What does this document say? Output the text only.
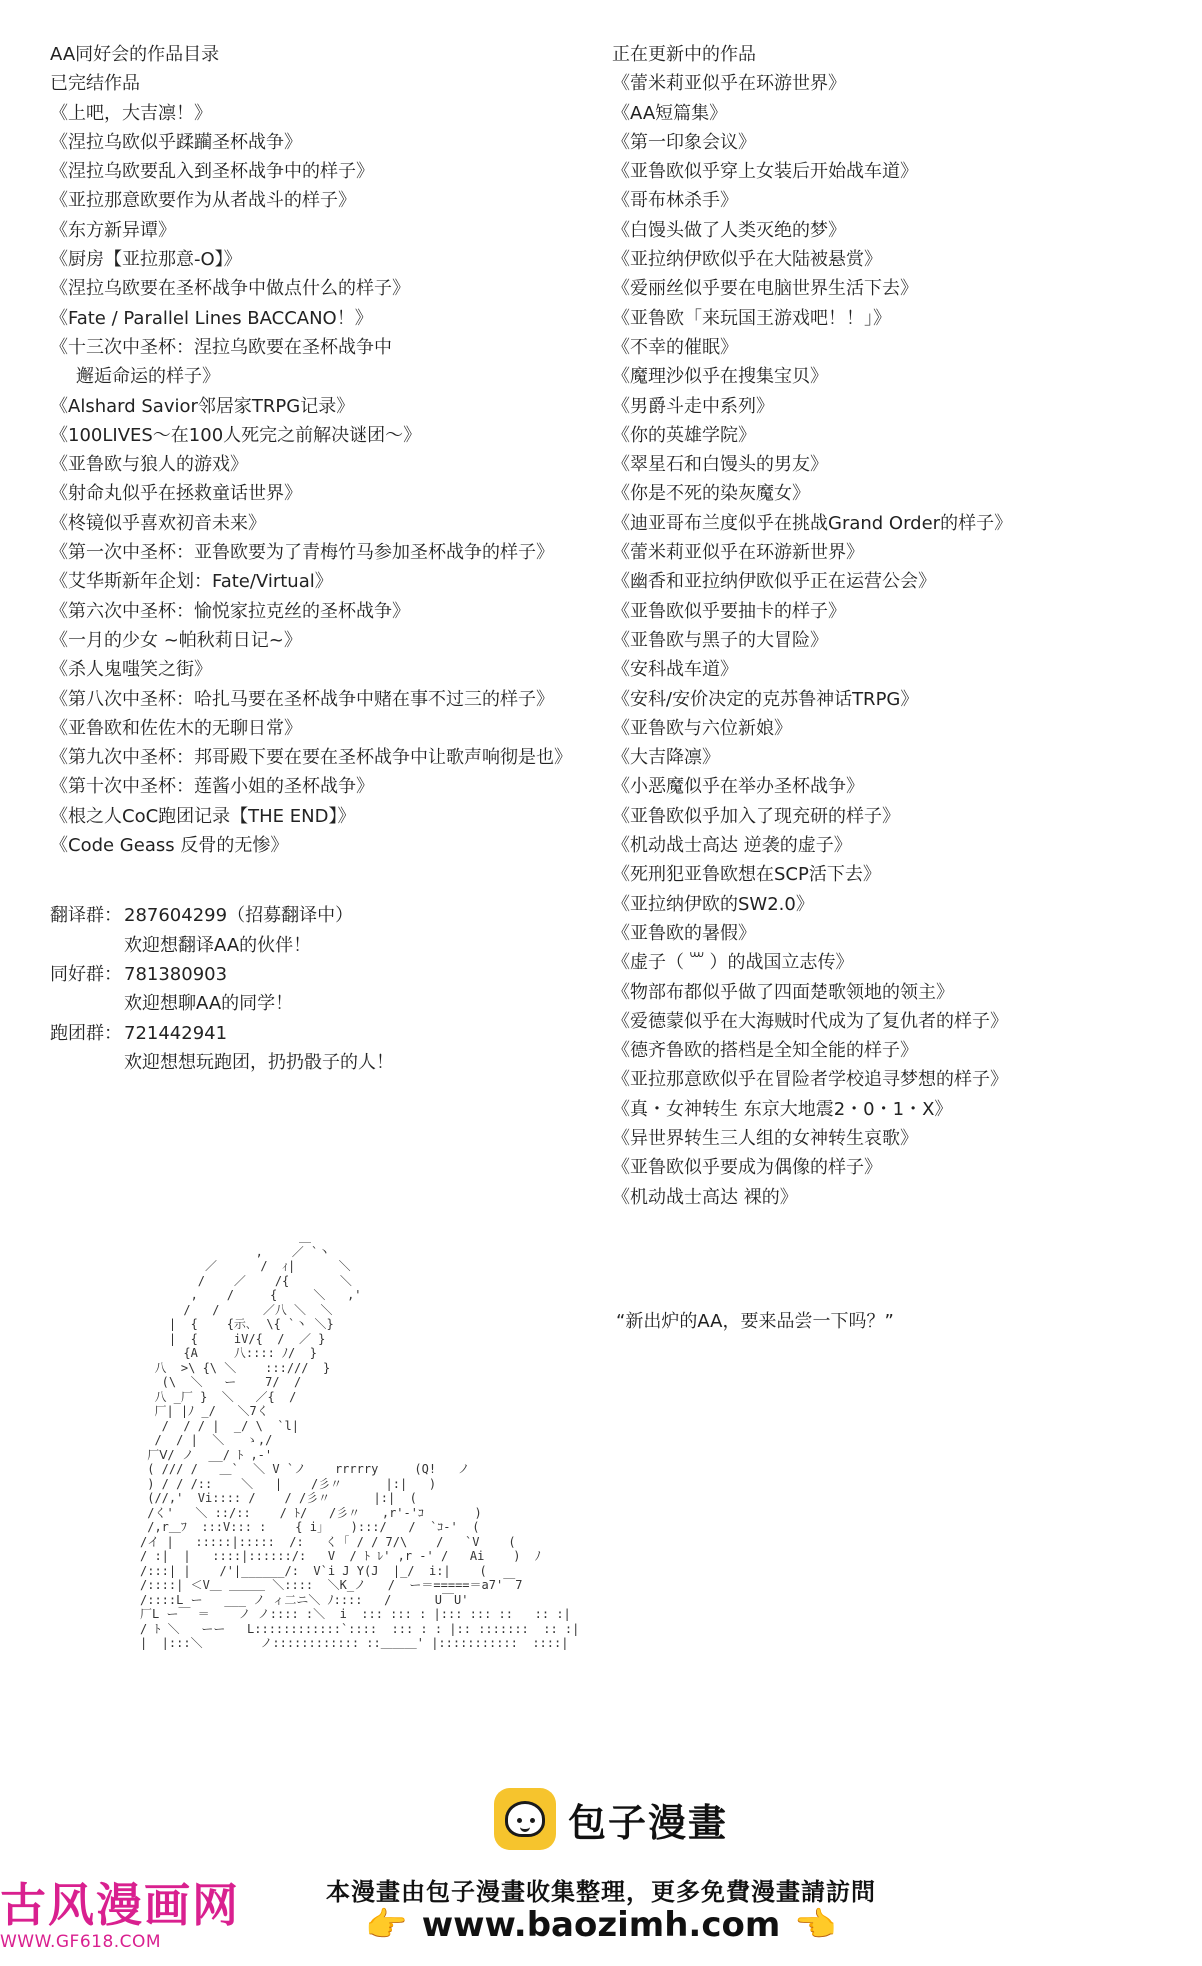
AA同好会的作品目录
已完结作品
《上吧，大吉凛！》
《涅拉乌欧似乎蹂躏圣杯战争》
《涅拉乌欧要乱入到圣杯战争中的样子》
《亚拉那意欧要作为从者战斗的样子》
《东方新异谭》
《厨房【亚拉那意-O】》
《涅拉乌欧要在圣杯战争中做点什么的样子》
《Fate / Parallel Lines BACCANO！》
《十三次中圣杯：涅拉乌欧要在圣杯战争中
邂逅命运的样子》
《Alshard Savior邻居家TRPG记录》
《100LIVES～在100人死完之前解决谜团～》
《亚鲁欧与狼人的游戏》
《射命丸似乎在拯救童话世界》
《柊镜似乎喜欢初音未来》
《第一次中圣杯：亚鲁欧要为了青梅竹马参加圣杯战争的样子》
《艾华斯新年企划：Fate/Virtual》
《第六次中圣杯：愉悦家拉克丝的圣杯战争》
《一月的少女 ~帕秋莉日记~》
《杀人鬼嗤笑之街》
《第八次中圣杯：哈扎马要在圣杯战争中赌在事不过三的样子》
《亚鲁欧和佐佐木的无聊日常》
《第九次中圣杯：邦哥殿下要在要在圣杯战争中让歌声响彻是也》
《第十次中圣杯：莲酱小姐的圣杯战争》
《根之人CoC跑团记录【THE END】》
《Code Geass 反骨的无惨》
翻译群： 287604299（招募翻译中）
欢迎想翻译AA的伙伴！
同好群： 781380903
欢迎想聊AA的同学！
跑团群： 721442941
欢迎想想玩跑团，扔扔骰子的人！
正在更新中的作品
《蕾米莉亚似乎在环游世界》
《AA短篇集》
《第一印象会议》
《亚鲁欧似乎穿上女装后开始战车道》
《哥布林杀手》
《白馒头做了人类灭绝的梦》
《亚拉纳伊欧似乎在大陆被悬赏》
《爱丽丝似乎要在电脑世界生活下去》
《亚鲁欧「来玩国王游戏吧！！」》
《不幸的催眠》
《魔理沙似乎在搜集宝贝》
《男爵斗走中系列》
《你的英雄学院》
《翠星石和白馒头的男友》
《你是不死的染灰魔女》
《迪亚哥布兰度似乎在挑战Grand Order的样子》
《蕾米莉亚似乎在环游新世界》
《幽香和亚拉纳伊欧似乎正在运营公会》
《亚鲁欧似乎要抽卡的样子》
《亚鲁欧与黑子的大冒险》
《安科战车道》
《安科/安价决定的克苏鲁神话TRPG》
《亚鲁欧与六位新娘》
《大吉降凛》
《小恶魔似乎在举办圣杯战争》
《亚鲁欧似乎加入了现充研的样子》
《机动战士高达 逆袭的虚子》
《死刑犯亚鲁欧想在SCP活下去》
《亚拉纳伊欧的SW2.0》
《亚鲁欧的暑假》
《虚子（ ꒶ ）的战国立志传》
《物部布都似乎做了四面楚歌领地的领主》
《爱德蒙似乎在大海贼时代成为了复仇者的样子》
《德齐鲁欧的搭档是全知全能的样子》
《亚拉那意欧似乎在冒险者学校追寻梦想的样子》
《真・女神转生 东京大地震2・0・1・X》
《异世界转生三人组的女神转生哀歌》
《亚鲁欧似乎要成为偶像的样子》
《机动战士高达 裸的》
＿
,    ／ `丶
／      /  ｨ|      ＼
/    ／    /{       ＼
,    /     {     ＼   ,'
/   /      ／八 ＼  ＼
|  {    {示､  \{ `丶 ＼}
|  {     iV/{  /  ／ }
{A     八:::: ﾉ/  }
八  >\ {\ ＼    :::///  }
(\  ＼   ー    7/  /
八 _厂 }  ＼   ／{  /
厂| |ﾉ _/   ＼7く
/  / / |  _/ \  `l|
/  / |  ＼   ゝ,/
厂Ⅴ/ ノ  __/ ﾄ ,‐'
( /// /   ＿`  ＼ V `ノ    rrrrry     (Q!   ノ
) / / /::    ＼   |    /彡〃      |:|   )
(//,'  Vi:::: /    / /彡〃      |:|  (
/く'   ＼ ::/::    / ﾄ/   /彡〃   ,r'‐'ｺ       )
/,r＿ﾌ  :::V::: :    { i」   ):::/   /  `ｺ-'  (
/イ |   :::::|:::::  /:   く「 / / 7/\    /   `V    (
/ :|  |   ::::|::::::/:   V  / ﾄ ﾚ' ,r ‐' /   Ai    )  ﾉ
/:::| |    /'|______/:  V`i J Y(J  |_/  i:|    (
/::::| ＜V＿ ＿＿＿ ＼::::  ＼K_ノ   /  ー＝=====＝a7'￣7
/::::L ー   ___ ノ ィ二ニ＼ ﾉ::::   /      U￣U'
厂L ー￣ ＝    ノ ノ:::: :＼  i  ::: ::: : |::: ::: ::   :: :|
/ ﾄ ＼   ーー   L::::::::::::`::::  ::: : : |:: :::::::  :: :|
|  |:::＼        ノ:::::::::::: ::＿＿＿' |:::::::::::  ::::|
“新出炉的AA，要来品尝一下吗？”
包子漫畫
本漫畫由包子漫畫收集整理，更多免費漫畫請訪問
👉 www.baozimh.com 👈
古风漫画网
WWW.GF618.COM
